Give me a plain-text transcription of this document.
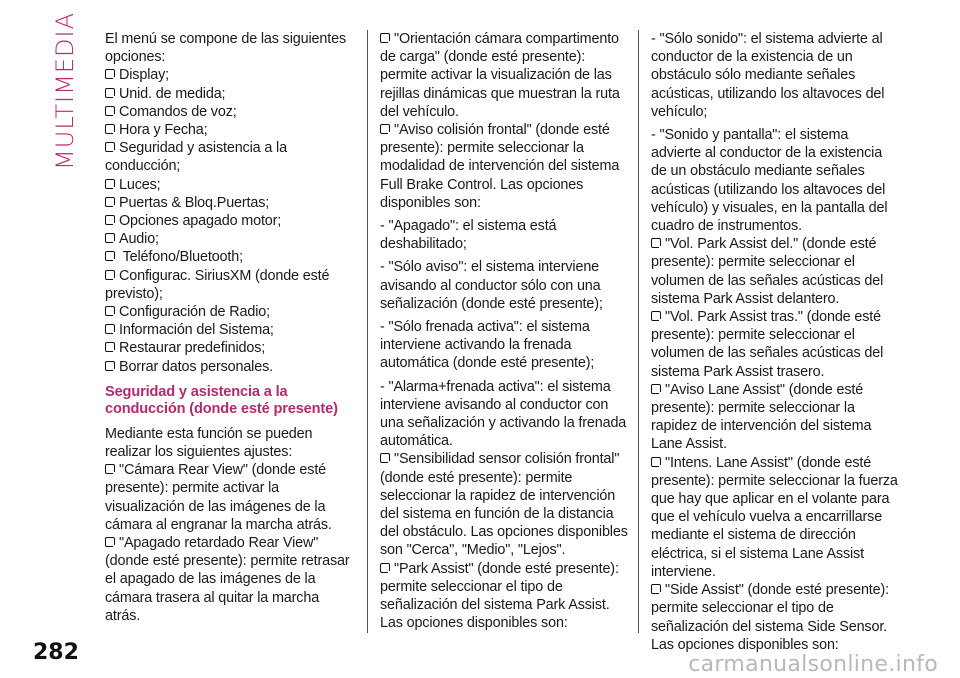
MULTIMEDIA El menú se compone de las siguientes opciones:

Display;

Unid. de medida;

Comandos de voz;

Hora y Fecha;

Seguridad y asistencia a la conducción;

Luces;

Puertas & Bloq.Puertas;

Opciones apagado motor;

Audio;

Teléfono/Bluetooth;

Configurac. SiriusXM (donde esté previsto);

Configuración de Radio;

Información del Sistema;

Restaurar predefinidos;

Borrar datos personales.

Seguridad y asistencia a la conducción (donde esté presente)

Mediante esta función se pueden realizar los siguientes ajustes:

"Cámara Rear View" (donde esté presente): permite activar la visualización de las imágenes de la cámara al engranar la marcha atrás.

"Apagado retardado Rear View" (donde esté presente): permite retrasar el apagado de las imágenes de la cámara trasera al quitar la marcha atrás.

"Orientación cámara compartimento de carga" (donde esté presente): permite activar la visualización de las rejillas dinámicas que muestran la ruta del vehículo.

"Aviso colisión frontal" (donde esté presente): permite seleccionar la modalidad de intervención del sistema Full Brake Control. Las opciones disponibles son:

- "Apagado": el sistema está deshabilitado;

- "Sólo aviso": el sistema interviene avisando al conductor sólo con una señalización (donde esté presente);

- "Sólo frenada activa": el sistema interviene activando la frenada automática (donde esté presente);

- "Alarma+frenada activa": el sistema interviene avisando al conductor con una señalización y activando la frenada automática.

"Sensibilidad sensor colisión frontal" (donde esté presente): permite seleccionar la rapidez de intervención del sistema en función de la distancia del obstáculo. Las opciones disponibles son "Cerca", "Medio", "Lejos".

"Park Assist" (donde esté presente): permite seleccionar el tipo de señalización del sistema Park Assist. Las opciones disponibles son:

- "Sólo sonido": el sistema advierte al conductor de la existencia de un obstáculo sólo mediante señales acústicas, utilizando los altavoces del vehículo;

- "Sonido y pantalla": el sistema advierte al conductor de la existencia de un obstáculo mediante señales acústicas (utilizando los altavoces del vehículo) y visuales, en la pantalla del cuadro de instrumentos.

"Vol. Park Assist del." (donde esté presente): permite seleccionar el volumen de las señales acústicas del sistema Park Assist delantero.

"Vol. Park Assist tras." (donde esté presente): permite seleccionar el volumen de las señales acústicas del sistema Park Assist trasero.

"Aviso Lane Assist" (donde esté presente): permite seleccionar la rapidez de intervención del sistema Lane Assist.

"Intens. Lane Assist" (donde esté presente): permite seleccionar la fuerza que hay que aplicar en el volante para que el vehículo vuelva a encarrillarse mediante el sistema de dirección eléctrica, si el sistema Lane Assist interviene.

"Side Assist" (donde esté presente): permite seleccionar el tipo de señalización del sistema Side Sensor. Las opciones disponibles son:

282	carmanualsonline.info
